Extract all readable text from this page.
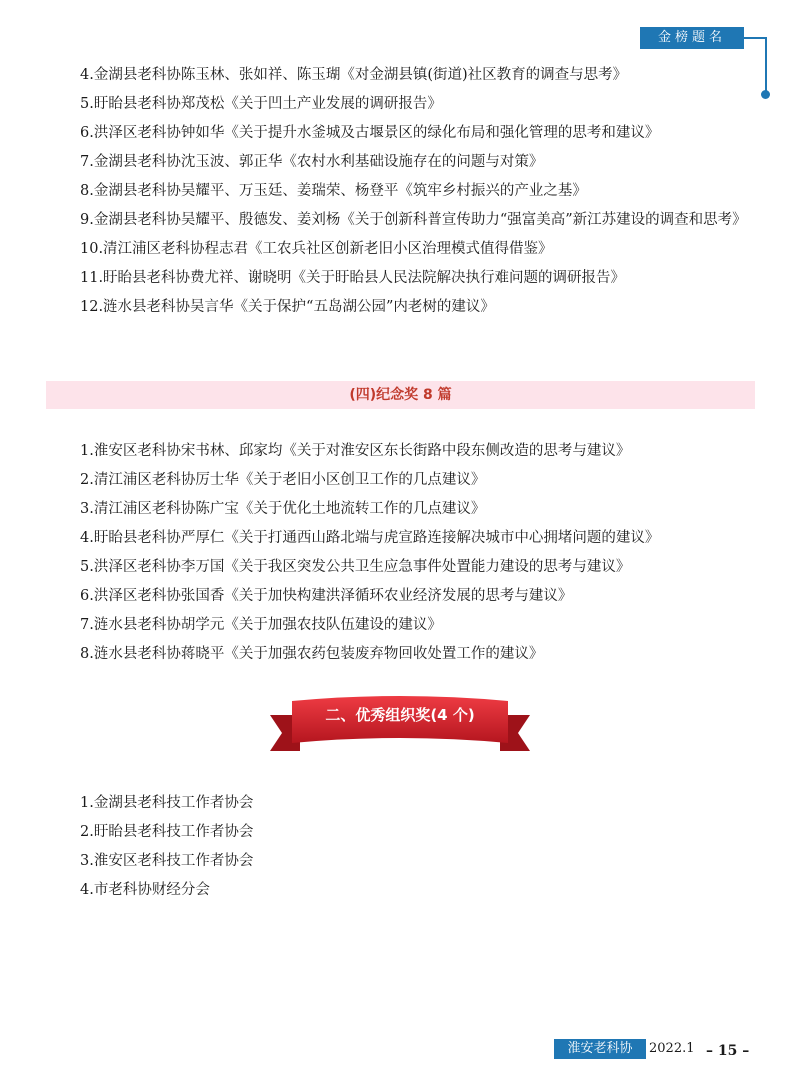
金榜题名
4.金湖县老科协陈玉林、张如祥、陈玉瑚《对金湖县镇(街道)社区教育的调查与思考》
5.盱眙县老科协郑茂松《关于凹土产业发展的调研报告》
6.洪泽区老科协钟如华《关于提升水釜城及古堰景区的绿化布局和强化管理的思考和建议》
7.金湖县老科协沈玉波、郭正华《农村水利基础设施存在的问题与对策》
8.金湖县老科协吴耀平、万玉廷、姜瑞荣、杨登平《筑牢乡村振兴的产业之基》
9.金湖县老科协吴耀平、殷德发、姜刘杨《关于创新科普宣传助力“强富美高”新江苏建设的调查和思考》
10.清江浦区老科协程志君《工农兵社区创新老旧小区治理模式值得借鉴》
11.盱眙县老科协费尤祥、谢晓明《关于盱眙县人民法院解决执行难问题的调研报告》
12.涟水县老科协吴言华《关于保护“五岛湖公园”内老树的建议》
(四)纪念奖 8 篇
1.淮安区老科协宋书林、邱家均《关于对淮安区东长街路中段东侧改造的思考与建议》
2.清江浦区老科协厉士华《关于老旧小区创卫工作的几点建议》
3.清江浦区老科协陈广宝《关于优化土地流转工作的几点建议》
4.盱眙县老科协严厚仁《关于打通西山路北端与虎宣路连接解决城市中心拥堵问题的建议》
5.洪泽区老科协李万国《关于我区突发公共卫生应急事件处置能力建设的思考与建议》
6.洪泽区老科协张国香《关于加快构建洪泽循环农业经济发展的思考与建议》
7.涟水县老科协胡学元《关于加强农技队伍建设的建议》
8.涟水县老科协蒋晓平《关于加强农药包装废弃物回收处置工作的建议》
二、优秀组织奖(4 个)
1.金湖县老科技工作者协会
2.盱眙县老科技工作者协会
3.淮安区老科技工作者协会
4.市老科协财经分会
淮安老科协	2022.1 – 15 –
